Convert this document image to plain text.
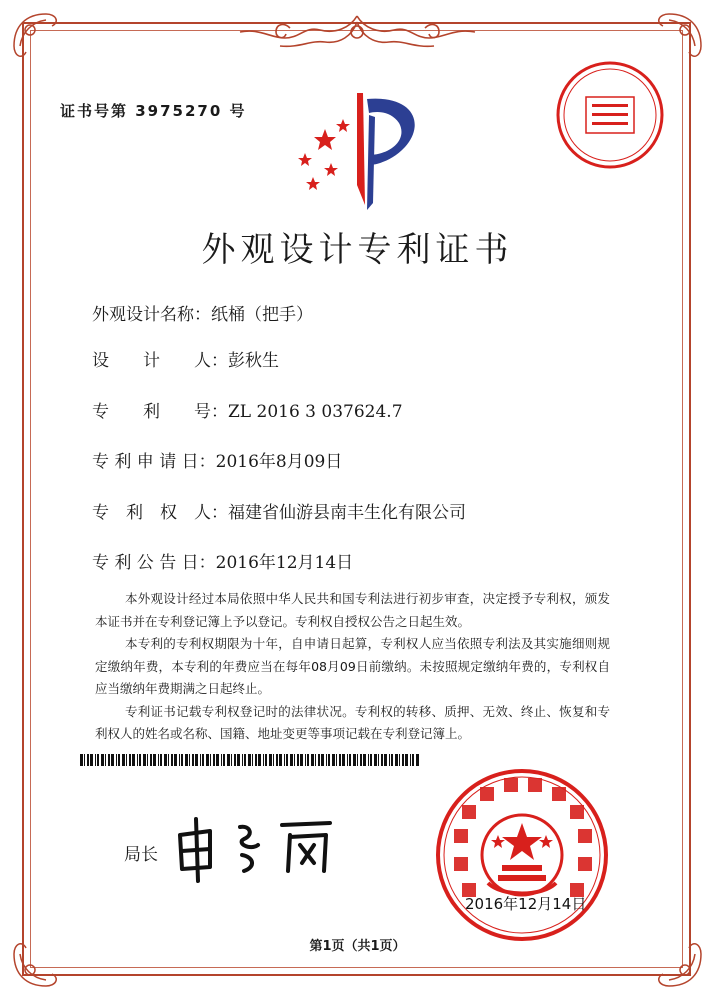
证书号第 3975270 号
外观设计专利证书
外观设计名称：纸桶（把手）
设　　计　　人：彭秋生
专　　利　　号：ZL 2016 3 037624.7
专 利 申 请 日：2016年8月09日
专　利　权　人：福建省仙游县南丰生化有限公司
专 利 公 告 日：2016年12月14日

本外观设计经过本局依照中华人民共和国专利法进行初步审查，决定授予专利权，颁发本证书并在专利登记簿上予以登记。专利权自授权公告之日起生效。

本专利的专利权期限为十年，自申请日起算，专利权人应当依照专利法及其实施细则规定缴纳年费，本专利的年费应当在每年08月09日前缴纳。未按照规定缴纳年费的，专利权自应当缴纳年费期满之日起终止。

专利证书记载专利权登记时的法律状况。专利权的转移、质押、无效、终止、恢复和专利权人的姓名或名称、国籍、地址变更等事项记载在专利登记簿上。

局长
2016年12月14日
第1页（共1页）
